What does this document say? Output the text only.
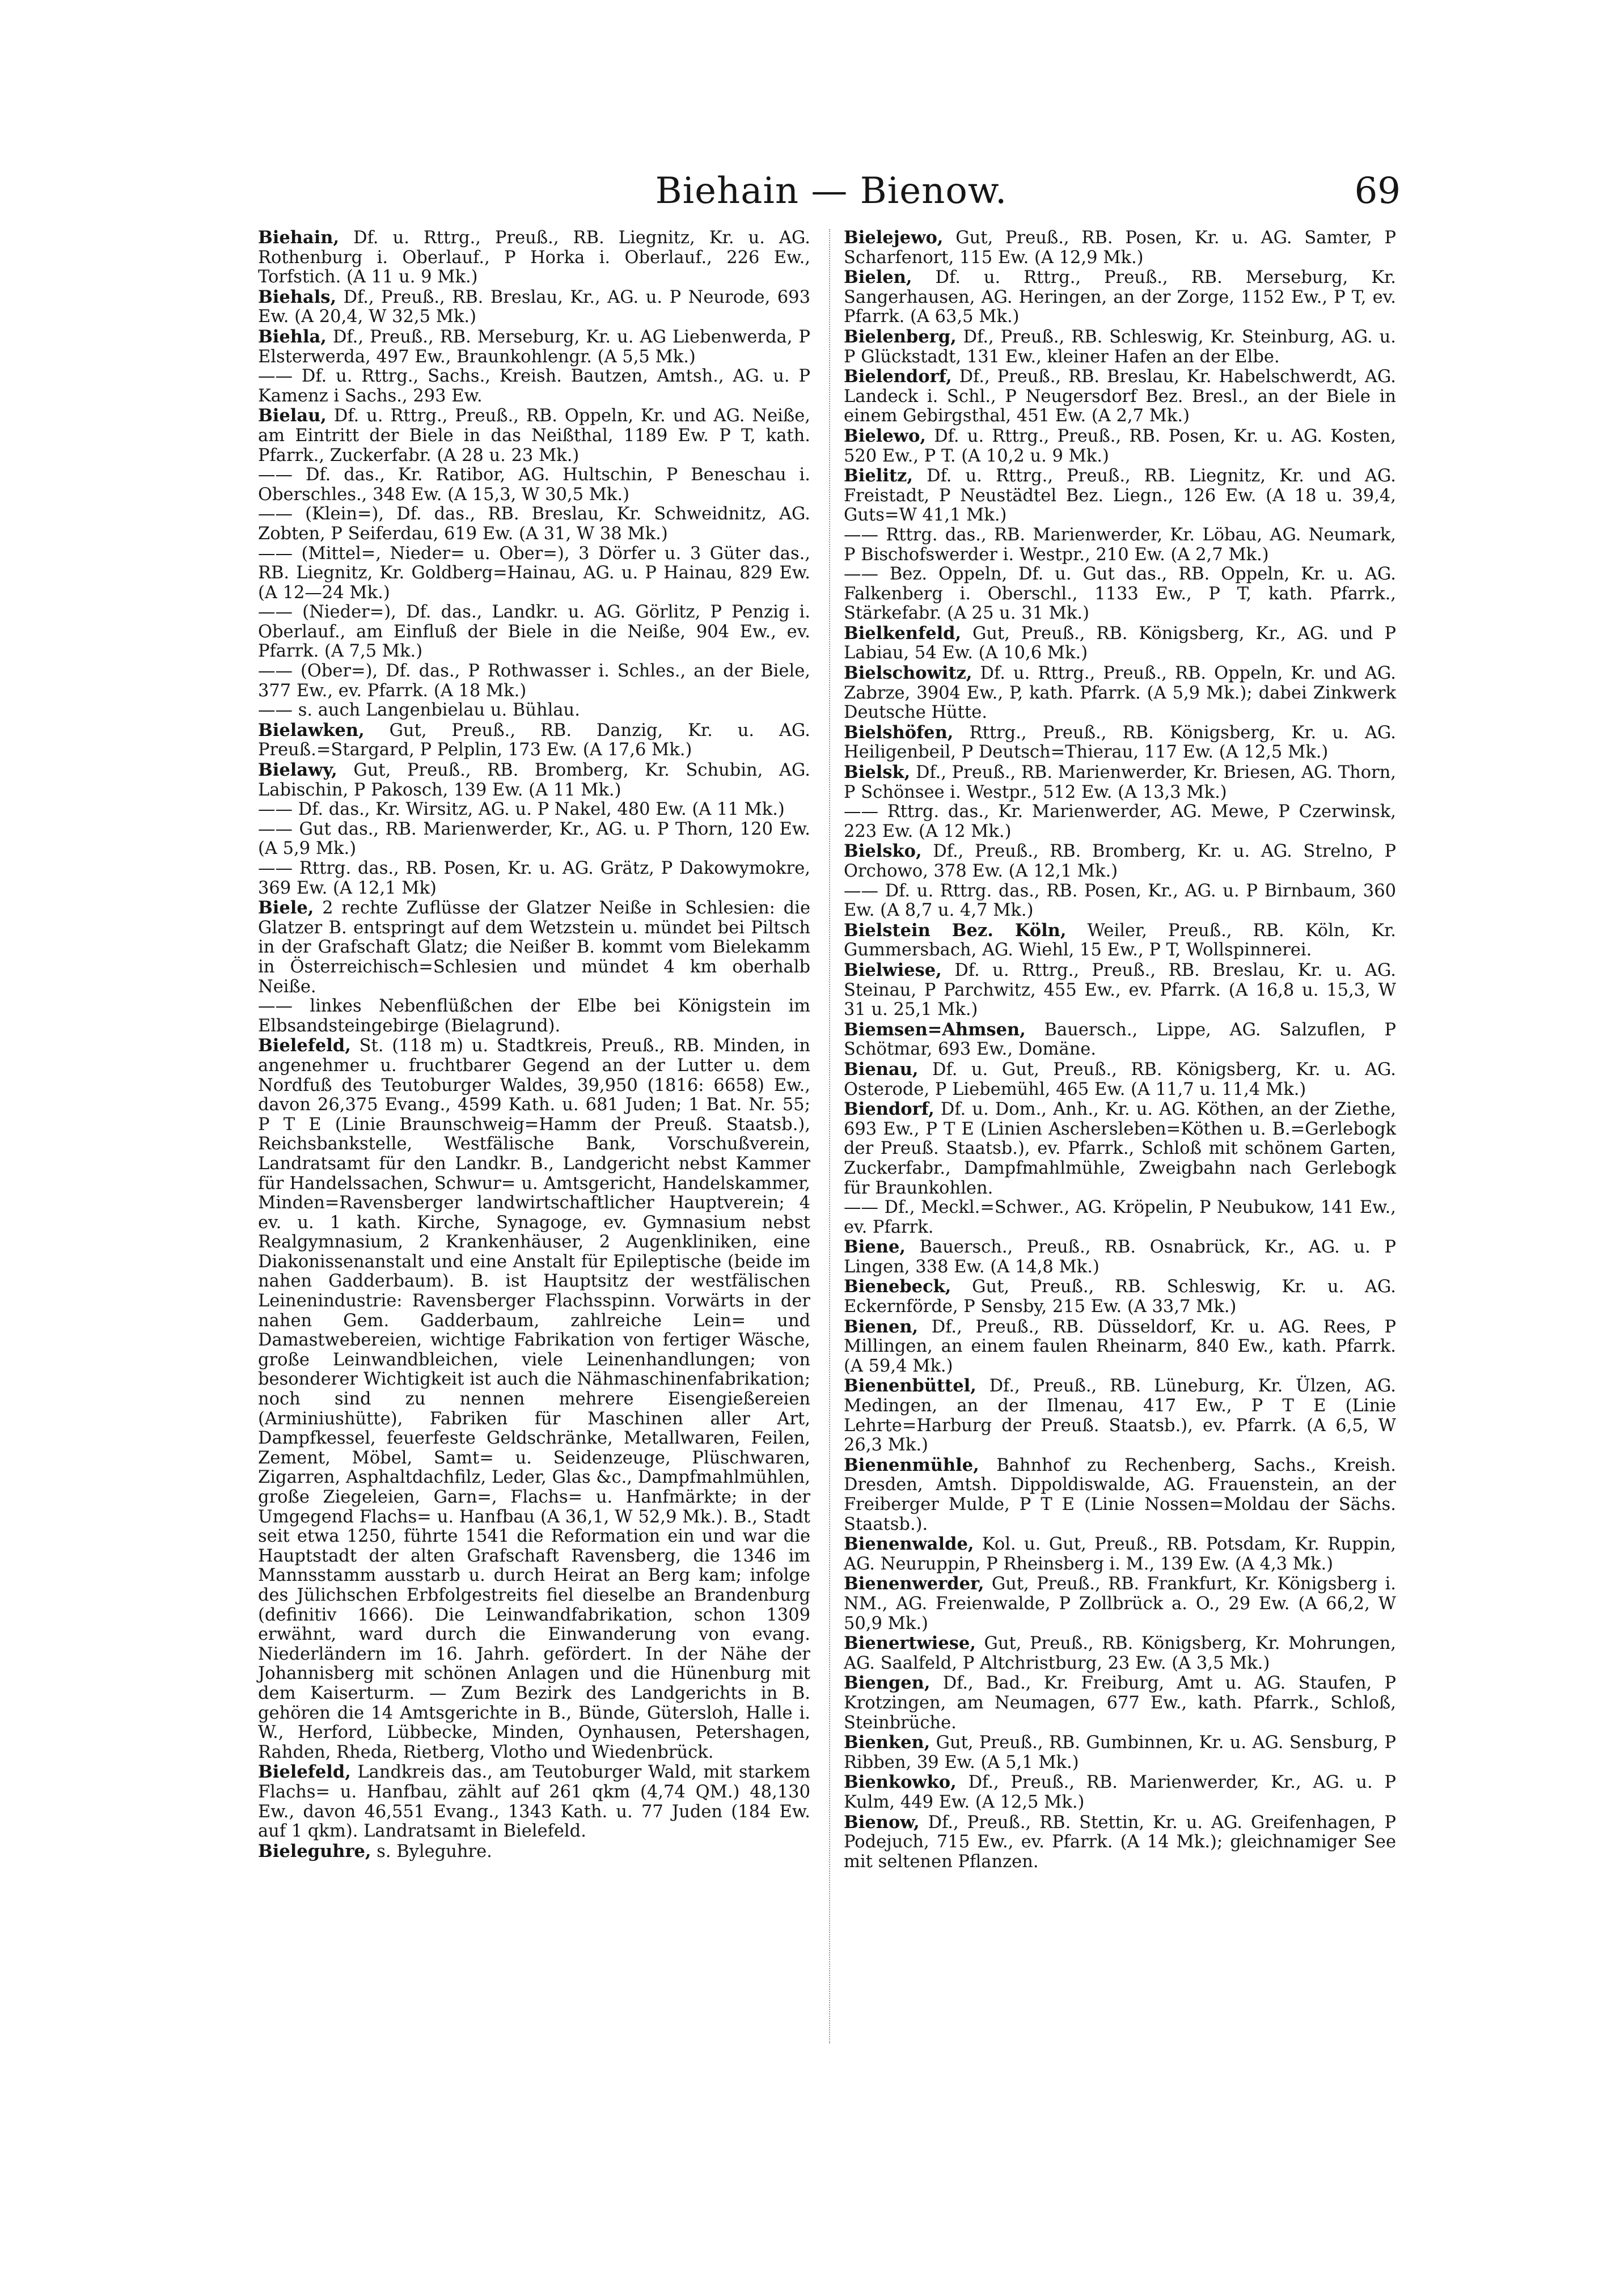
Biehain — Bienow.	69

Biehain, Df. u. Rttrg., Preuß., RB. Liegnitz, Kr. u. AG. Rothenburg i. Oberlauf., P Horka i. Oberlauf., 226 Ew., Torfstich. (A 11 u. 9 Mk.)

Biehals, Df., Preuß., RB. Breslau, Kr., AG. u. P Neurode, 693 Ew. (A 20,4, W 32,5 Mk.)

Biehla, Df., Preuß., RB. Merseburg, Kr. u. AG Liebenwerda, P Elsterwerda, 497 Ew., Braunkohlengr. (A 5,5 Mk.)

—— Df. u. Rttrg., Sachs., Kreish. Bautzen, Amtsh., AG. u. P Kamenz i Sachs., 293 Ew.

Bielau, Df. u. Rttrg., Preuß., RB. Oppeln, Kr. und AG. Neiße, am Eintritt der Biele in das Neißthal, 1189 Ew. P T, kath. Pfarrk., Zuckerfabr. (A 28 u. 23 Mk.)

—— Df. das., Kr. Ratibor, AG. Hultschin, P Beneschau i. Oberschles., 348 Ew. (A 15,3, W 30,5 Mk.)

—— (Klein=), Df. das., RB. Breslau, Kr. Schweidnitz, AG. Zobten, P Seiferdau, 619 Ew. (A 31, W 38 Mk.)

—— (Mittel=, Nieder= u. Ober=), 3 Dörfer u. 3 Güter das., RB. Liegnitz, Kr. Goldberg=Hainau, AG. u. P Hainau, 829 Ew. (A 12—24 Mk.)

—— (Nieder=), Df. das., Landkr. u. AG. Görlitz, P Penzig i. Oberlauf., am Einfluß der Biele in die Neiße, 904 Ew., ev. Pfarrk. (A 7,5 Mk.)

—— (Ober=), Df. das., P Rothwasser i. Schles., an der Biele, 377 Ew., ev. Pfarrk. (A 18 Mk.)

—— s. auch Langenbielau u. Bühlau.

Bielawken, Gut, Preuß., RB. Danzig, Kr. u. AG. Preuß.=Stargard, P Pelplin, 173 Ew. (A 17,6 Mk.)

Bielawy, Gut, Preuß., RB. Bromberg, Kr. Schubin, AG. Labischin, P Pakosch, 139 Ew. (A 11 Mk.)

—— Df. das., Kr. Wirsitz, AG. u. P Nakel, 480 Ew. (A 11 Mk.)

—— Gut das., RB. Marienwerder, Kr., AG. u. P Thorn, 120 Ew. (A 5,9 Mk.)

—— Rttrg. das., RB. Posen, Kr. u. AG. Grätz, P Dakowymokre, 369 Ew. (A 12,1 Mk)

Biele, 2 rechte Zuflüsse der Glatzer Neiße in Schlesien: die Glatzer B. entspringt auf dem Wetzstein u. mündet bei Piltsch in der Grafschaft Glatz; die Neißer B. kommt vom Bielekamm in Österreichisch=Schlesien und mündet 4 km oberhalb Neiße.

—— linkes Nebenflüßchen der Elbe bei Königstein im Elbsandsteingebirge (Bielagrund).

Bielefeld, St. (118 m) u. Stadtkreis, Preuß., RB. Minden, in angenehmer u. fruchtbarer Gegend an der Lutter u. dem Nordfuß des Teutoburger Waldes, 39,950 (1816: 6658) Ew., davon 26,375 Evang., 4599 Kath. u. 681 Juden; 1 Bat. Nr. 55; P T E (Linie Braunschweig=Hamm der Preuß. Staatsb.), Reichsbankstelle, Westfälische Bank, Vorschußverein, Landratsamt für den Landkr. B., Landgericht nebst Kammer für Handelssachen, Schwur= u. Amtsgericht, Handelskammer, Minden=Ravensberger landwirtschaftlicher Hauptverein; 4 ev. u. 1 kath. Kirche, Synagoge, ev. Gymnasium nebst Realgymnasium, 2 Krankenhäuser, 2 Augenkliniken, eine Diakonissenanstalt und eine Anstalt für Epileptische (beide im nahen Gadderbaum). B. ist Hauptsitz der westfälischen Leinenindustrie: Ravensberger Flachsspinn. Vorwärts in der nahen Gem. Gadderbaum, zahlreiche Lein= und Damastwebereien, wichtige Fabrikation von fertiger Wäsche, große Leinwandbleichen, viele Leinenhandlungen; von besonderer Wichtigkeit ist auch die Nähmaschinenfabrikation; noch sind zu nennen mehrere Eisengießereien (Arminiushütte), Fabriken für Maschinen aller Art, Dampfkessel, feuerfeste Geldschränke, Metallwaren, Feilen, Zement, Möbel, Samt= u. Seidenzeuge, Plüschwaren, Zigarren, Asphaltdachfilz, Leder, Glas &c., Dampfmahlmühlen, große Ziegeleien, Garn=, Flachs= u. Hanfmärkte; in der Umgegend Flachs= u. Hanfbau (A 36,1, W 52,9 Mk.). B., Stadt seit etwa 1250, führte 1541 die Reformation ein und war die Hauptstadt der alten Grafschaft Ravensberg, die 1346 im Mannsstamm ausstarb u. durch Heirat an Berg kam; infolge des Jülichschen Erbfolgestreits fiel dieselbe an Brandenburg (definitiv 1666). Die Leinwandfabrikation, schon 1309 erwähnt, ward durch die Einwanderung von evang. Niederländern im 16. Jahrh. gefördert. In der Nähe der Johannisberg mit schönen Anlagen und die Hünenburg mit dem Kaiserturm. — Zum Bezirk des Landgerichts in B. gehören die 14 Amtsgerichte in B., Bünde, Gütersloh, Halle i. W., Herford, Lübbecke, Minden, Oynhausen, Petershagen, Rahden, Rheda, Rietberg, Vlotho und Wiedenbrück.

Bielefeld, Landkreis das., am Teutoburger Wald, mit starkem Flachs= u. Hanfbau, zählt auf 261 qkm (4,74 QM.) 48,130 Ew., davon 46,551 Evang., 1343 Kath. u. 77 Juden (184 Ew. auf 1 qkm). Landratsamt in Bielefeld.

Bieleguhre, s. Byleguhre.

Bielejewo, Gut, Preuß., RB. Posen, Kr. u. AG. Samter, P Scharfenort, 115 Ew. (A 12,9 Mk.)

Bielen, Df. u. Rttrg., Preuß., RB. Merseburg, Kr. Sangerhausen, AG. Heringen, an der Zorge, 1152 Ew., P T, ev. Pfarrk. (A 63,5 Mk.)

Bielenberg, Df., Preuß., RB. Schleswig, Kr. Steinburg, AG. u. P Glückstadt, 131 Ew., kleiner Hafen an der Elbe.

Bielendorf, Df., Preuß., RB. Breslau, Kr. Habelschwerdt, AG. Landeck i. Schl., P Neugersdorf Bez. Bresl., an der Biele in einem Gebirgsthal, 451 Ew. (A 2,7 Mk.)

Bielewo, Df. u. Rttrg., Preuß., RB. Posen, Kr. u. AG. Kosten, 520 Ew., P T. (A 10,2 u. 9 Mk.)

Bielitz, Df. u. Rttrg., Preuß., RB. Liegnitz, Kr. und AG. Freistadt, P Neustädtel Bez. Liegn., 126 Ew. (A 18 u. 39,4, Guts=W 41,1 Mk.)

—— Rttrg. das., RB. Marienwerder, Kr. Löbau, AG. Neumark, P Bischofswerder i. Westpr., 210 Ew. (A 2,7 Mk.)

—— Bez. Oppeln, Df. u. Gut das., RB. Oppeln, Kr. u. AG. Falkenberg i. Oberschl., 1133 Ew., P T, kath. Pfarrk., Stärkefabr. (A 25 u. 31 Mk.)

Bielkenfeld, Gut, Preuß., RB. Königsberg, Kr., AG. und P Labiau, 54 Ew. (A 10,6 Mk.)

Bielschowitz, Df. u. Rttrg., Preuß., RB. Oppeln, Kr. und AG. Zabrze, 3904 Ew., P, kath. Pfarrk. (A 5,9 Mk.); dabei Zinkwerk Deutsche Hütte.

Bielshöfen, Rttrg., Preuß., RB. Königsberg, Kr. u. AG. Heiligenbeil, P Deutsch=Thierau, 117 Ew. (A 12,5 Mk.)

Bielsk, Df., Preuß., RB. Marienwerder, Kr. Briesen, AG. Thorn, P Schönsee i. Westpr., 512 Ew. (A 13,3 Mk.)

—— Rttrg. das., Kr. Marienwerder, AG. Mewe, P Czerwinsk, 223 Ew. (A 12 Mk.)

Bielsko, Df., Preuß., RB. Bromberg, Kr. u. AG. Strelno, P Orchowo, 378 Ew. (A 12,1 Mk.)

—— Df. u. Rttrg. das., RB. Posen, Kr., AG. u. P Birnbaum, 360 Ew. (A 8,7 u. 4,7 Mk.)

Bielstein Bez. Köln, Weiler, Preuß., RB. Köln, Kr. Gummersbach, AG. Wiehl, 15 Ew., P T, Wollspinnerei.

Bielwiese, Df. u. Rttrg., Preuß., RB. Breslau, Kr. u. AG. Steinau, P Parchwitz, 455 Ew., ev. Pfarrk. (A 16,8 u. 15,3, W 31 u. 25,1 Mk.)

Biemsen=Ahmsen, Bauersch., Lippe, AG. Salzuflen, P Schötmar, 693 Ew., Domäne.

Bienau, Df. u. Gut, Preuß., RB. Königsberg, Kr. u. AG. Osterode, P Liebemühl, 465 Ew. (A 11,7 u. 11,4 Mk.)

Biendorf, Df. u. Dom., Anh., Kr. u. AG. Köthen, an der Ziethe, 693 Ew., P T E (Linien Aschersleben=Köthen u. B.=Gerlebogk der Preuß. Staatsb.), ev. Pfarrk., Schloß mit schönem Garten, Zuckerfabr., Dampfmahlmühle, Zweigbahn nach Gerlebogk für Braunkohlen.

—— Df., Meckl.=Schwer., AG. Kröpelin, P Neubukow, 141 Ew., ev. Pfarrk.

Biene, Bauersch., Preuß., RB. Osnabrück, Kr., AG. u. P Lingen, 338 Ew. (A 14,8 Mk.)

Bienebeck, Gut, Preuß., RB. Schleswig, Kr. u. AG. Eckernförde, P Sensby, 215 Ew. (A 33,7 Mk.)

Bienen, Df., Preuß., RB. Düsseldorf, Kr. u. AG. Rees, P Millingen, an einem faulen Rheinarm, 840 Ew., kath. Pfarrk. (A 59,4 Mk.)

Bienenbüttel, Df., Preuß., RB. Lüneburg, Kr. Ülzen, AG. Medingen, an der Ilmenau, 417 Ew., P T E (Linie Lehrte=Harburg der Preuß. Staatsb.), ev. Pfarrk. (A 6,5, W 26,3 Mk.)

Bienenmühle, Bahnhof zu Rechenberg, Sachs., Kreish. Dresden, Amtsh. Dippoldiswalde, AG. Frauenstein, an der Freiberger Mulde, P T E (Linie Nossen=Moldau der Sächs. Staatsb.).

Bienenwalde, Kol. u. Gut, Preuß., RB. Potsdam, Kr. Ruppin, AG. Neuruppin, P Rheinsberg i. M., 139 Ew. (A 4,3 Mk.)

Bienenwerder, Gut, Preuß., RB. Frankfurt, Kr. Königsberg i. NM., AG. Freienwalde, P Zollbrück a. O., 29 Ew. (A 66,2, W 50,9 Mk.)

Bienertwiese, Gut, Preuß., RB. Königsberg, Kr. Mohrungen, AG. Saalfeld, P Altchristburg, 23 Ew. (A 3,5 Mk.)

Biengen, Df., Bad., Kr. Freiburg, Amt u. AG. Staufen, P Krotzingen, am Neumagen, 677 Ew., kath. Pfarrk., Schloß, Steinbrüche.

Bienken, Gut, Preuß., RB. Gumbinnen, Kr. u. AG. Sensburg, P Ribben, 39 Ew. (A 5,1 Mk.)

Bienkowko, Df., Preuß., RB. Marienwerder, Kr., AG. u. P Kulm, 449 Ew. (A 12,5 Mk.)

Bienow, Df., Preuß., RB. Stettin, Kr. u. AG. Greifenhagen, P Podejuch, 715 Ew., ev. Pfarrk. (A 14 Mk.); gleichnamiger See mit seltenen Pflanzen.
